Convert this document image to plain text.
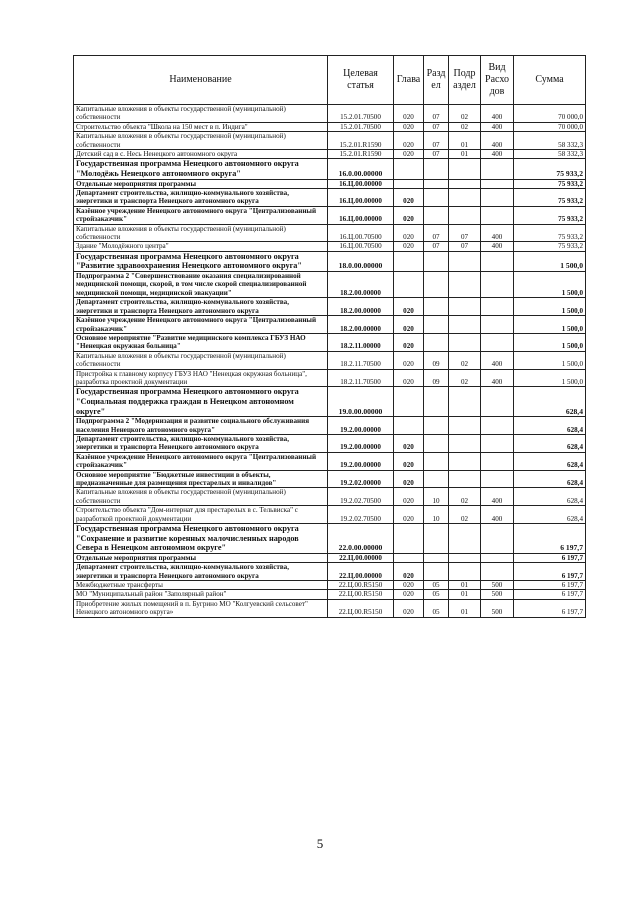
Наименование	Целевая статья	Глава	Разд ел	Подр аздел	Вид Расхо дов	Сумма
Капитальные вложения в объекты государственной (муниципальной) собственности	15.2.01.70500	020	07	02	400	70 000,0
Строительство объекта "Школа на 150 мест в п. Индига"	15.2.01.70500	020	07	02	400	70 000,0
Капитальные вложения в объекты государственной (муниципальной) собственности	15.2.01.R1590	020	07	01	400	58 332,3
Детский сад в с. Несь Ненецкого автономного округа	15.2.01.R1590	020	07	01	400	58 332,3
Государственная программа Ненецкого автономного округа "Молодёжь Ненецкого автономного округа"	16.0.00.00000					75 933,2
Отдельные мероприятия программы	16.Ц.00.00000					75 933,2
Департамент строительства, жилищно-коммунального хозяйства, энергетики и транспорта Ненецкого автономного округа	16.Ц.00.00000	020				75 933,2
Казённое учреждение Ненецкого автономного округа "Централизованный стройзаказчик"	16.Ц.00.00000	020				75 933,2
Капитальные вложения в объекты государственной (муниципальной) собственности	16.Ц.00.70500	020	07	07	400	75 933,2
Здание "Молодёжного центра"	16.Ц.00.70500	020	07	07	400	75 933,2
Государственная программа Ненецкого автономного округа "Развитие здравоохранения Ненецкого автономного округа"	18.0.00.00000					1 500,0
Подпрограмма 2 "Совершенствование оказания специализированной медицинской помощи, скорой, в том числе скорой специализированной медицинской помощи, медицинской эвакуации"	18.2.00.00000					1 500,0
Департамент строительства, жилищно-коммунального хозяйства, энергетики и транспорта Ненецкого автономного округа	18.2.00.00000	020				1 500,0
Казённое учреждение Ненецкого автономного округа "Централизованный стройзаказчик"	18.2.00.00000	020				1 500,0
Основное мероприятие "Развитие медицинского комплекса ГБУЗ НАО "Ненецкая окружная больница"	18.2.11.00000	020				1 500,0
Капитальные вложения в объекты государственной (муниципальной) собственности	18.2.11.70500	020	09	02	400	1 500,0
Пристройка к главному корпусу ГБУЗ НАО "Ненецкая окружная больница", разработка проектной документации	18.2.11.70500	020	09	02	400	1 500,0
Государственная программа Ненецкого автономного округа "Социальная поддержка граждан в Ненецком автономном округе"	19.0.00.00000					628,4
Подпрограмма 2 "Модернизация и развитие социального обслуживания населения Ненецкого автономного округа"	19.2.00.00000					628,4
Департамент строительства, жилищно-коммунального хозяйства, энергетики и транспорта Ненецкого автономного округа	19.2.00.00000	020				628,4
Казённое учреждение Ненецкого автономного округа "Централизованный стройзаказчик"	19.2.00.00000	020				628,4
Основное мероприятие "Бюджетные инвестиции в объекты, предназначенные для размещения престарелых и инвалидов"	19.2.02.00000	020				628,4
Капитальные вложения в объекты государственной (муниципальной) собственности	19.2.02.70500	020	10	02	400	628,4
Строительство объекта "Дом-интернат для престарелых в с. Тельвиска" с разработкой проектной документации	19.2.02.70500	020	10	02	400	628,4
Государственная программа Ненецкого автономного округа "Сохранение и развитие коренных малочисленных народов Севера в Ненецком автономном округе"	22.0.00.00000					6 197,7
Отдельные мероприятия программы	22.Ц.00.00000					6 197,7
Департамент строительства, жилищно-коммунального хозяйства, энергетики и транспорта Ненецкого автономного округа	22.Ц.00.00000	020				6 197,7
Межбюджетные трансферты	22.Ц.00.R5150	020	05	01	500	6 197,7
МО "Муниципальный район "Заполярный район"	22.Ц.00.R5150	020	05	01	500	6 197,7
Приобретение жилых помещений в п. Бугрино МО "Колгуевский сельсовет" Ненецкого автономного округа»	22.Ц.00.R5150	020	05	01	500	6 197,7
5
